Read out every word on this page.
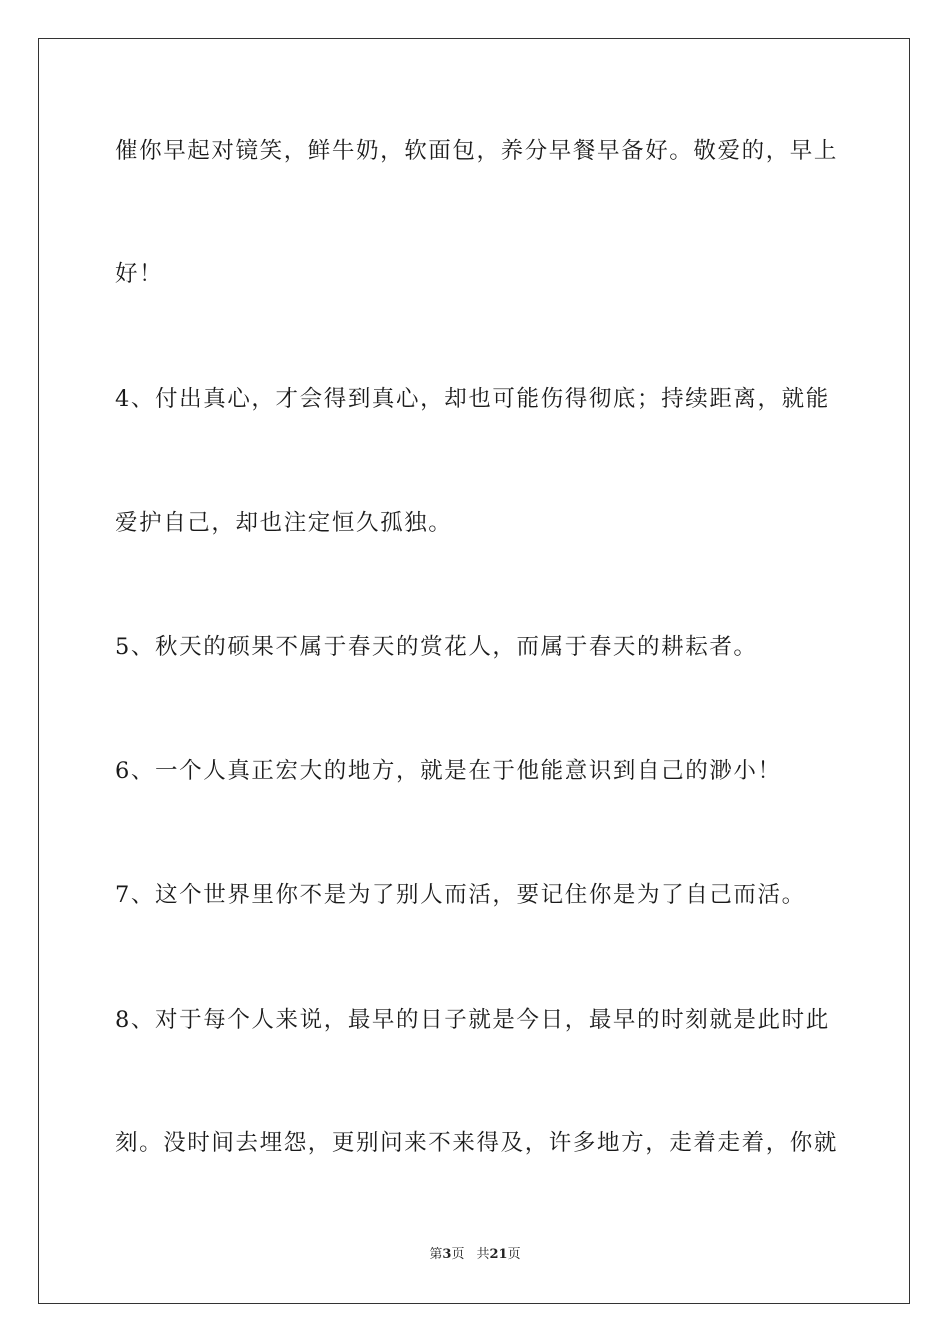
催你早起对镜笑，鲜牛奶，软面包，养分早餐早备好。敬爱的，早上
好！
4、付出真心，才会得到真心，却也可能伤得彻底；持续距离，就能
爱护自己，却也注定恒久孤独。
5、秋天的硕果不属于春天的赏花人，而属于春天的耕耘者。
6、一个人真正宏大的地方，就是在于他能意识到自己的渺小！
7、这个世界里你不是为了别人而活，要记住你是为了自己而活。
8、对于每个人来说，最早的日子就是今日，最早的时刻就是此时此
刻。没时间去埋怨，更别问来不来得及，许多地方，走着走着，你就
第3页 共21页
